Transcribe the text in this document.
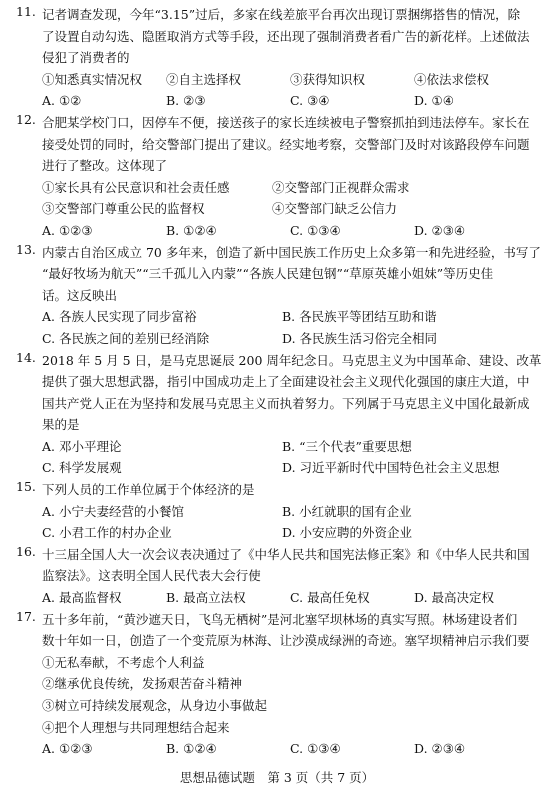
11. 记者调查发现，今年“3.15”过后，多家在线差旅平台再次出现订票捆绑搭售的情况，除
了设置自动勾选、隐匿取消方式等手段，还出现了强制消费者看广告的新花样。上述做法
侵犯了消费者的
①知悉真实情况权	②自主选择权	③获得知识权	④依法求偿权
A. ①②	B. ②③	C. ③④	D. ①④
12. 合肥某学校门口，因停车不便，接送孩子的家长连续被电子警察抓拍到违法停车。家长在
接受处罚的同时，给交警部门提出了建议。经实地考察，交警部门及时对该路段停车问题
进行了整改。这体现了
①家长具有公民意识和社会责任感	②交警部门正视群众需求
③交警部门尊重公民的监督权	④交警部门缺乏公信力
A. ①②③	B. ①②④	C. ①③④	D. ②③④
13. 内蒙古自治区成立 70 多年来，创造了新中国民族工作历史上众多第一和先进经验，书写了
“最好牧场为航天”“三千孤儿入内蒙”“各族人民建包钢”“草原英雄小姐妹”等历史佳
话。这反映出
A. 各族人民实现了同步富裕	B. 各民族平等团结互助和谐
C. 各民族之间的差别已经消除	D. 各民族生活习俗完全相同
14. 2018 年 5 月 5 日，是马克思诞辰 200 周年纪念日。马克思主义为中国革命、建设、改革
提供了强大思想武器，指引中国成功走上了全面建设社会主义现代化强国的康庄大道，中
国共产党人正在为坚持和发展马克思主义而执着努力。下列属于马克思主义中国化最新成
果的是
A. 邓小平理论	B. “三个代表”重要思想
C. 科学发展观	D. 习近平新时代中国特色社会主义思想
15. 下列人员的工作单位属于个体经济的是
A. 小宁夫妻经营的小餐馆	B. 小红就职的国有企业
C. 小君工作的村办企业	D. 小安应聘的外资企业
16. 十三届全国人大一次会议表决通过了《中华人民共和国宪法修正案》和《中华人民共和国
监察法》。这表明全国人民代表大会行使
A. 最高监督权	B. 最高立法权	C. 最高任免权	D. 最高决定权
17. 五十多年前，“黄沙遮天日，飞鸟无栖树”是河北塞罕坝林场的真实写照。林场建设者们
数十年如一日，创造了一个变荒原为林海、让沙漠成绿洲的奇迹。塞罕坝精神启示我们要
①无私奉献，不考虑个人利益
②继承优良传统，发扬艰苦奋斗精神
③树立可持续发展观念，从身边小事做起
④把个人理想与共同理想结合起来
A. ①②③	B. ①②④	C. ①③④	D. ②③④
思想品德试题　第 3 页（共 7 页）
